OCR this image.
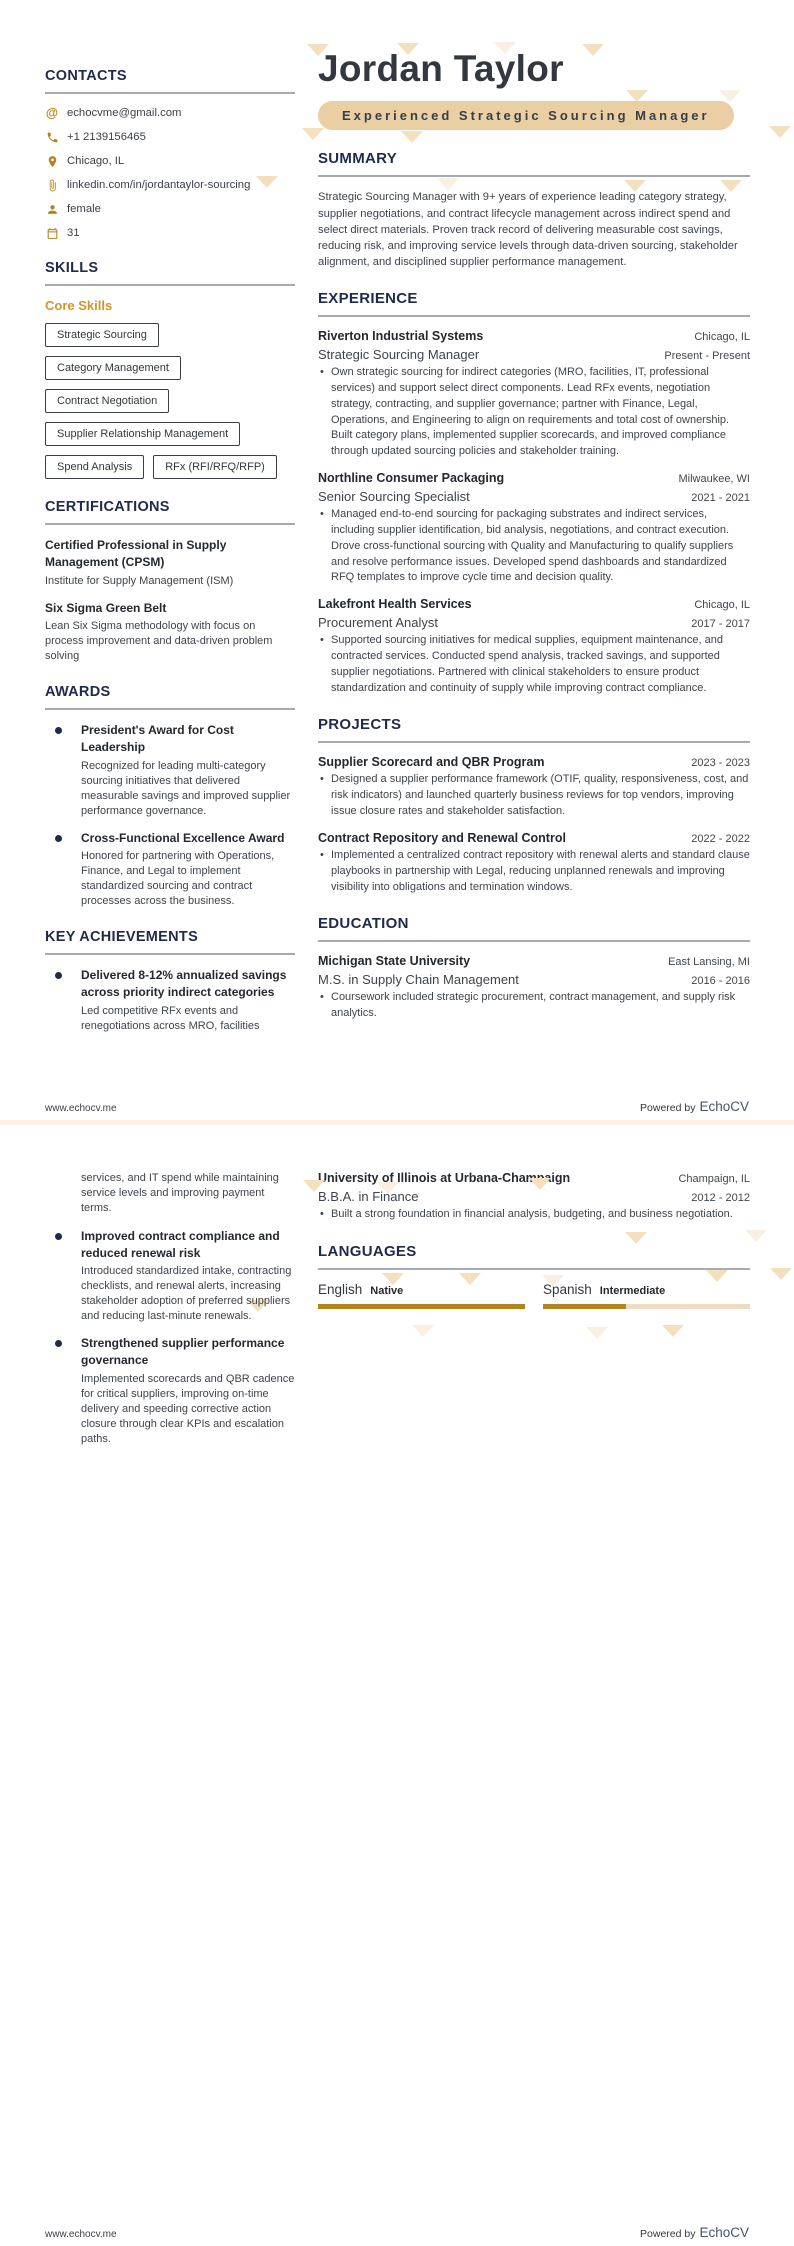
CONTACTS
@ echocvme@gmail.com
+1 2139156465
Chicago, IL
linkedin.com/in/jordantaylor-sourcing
female
31
SKILLS

Core Skills

Strategic Sourcing
Category Management
Contract Negotiation
Supplier Relationship Management
Spend Analysis	RFx (RFI/RFQ/RFP)
CERTIFICATIONS

Certified Professional in Supply Management (CPSM)

Institute for Supply Management (ISM)

Six Sigma Green Belt

Lean Six Sigma methodology with focus on process improvement and data-driven problem solving

AWARDS

President's Award for Cost Leadership

Recognized for leading multi-category sourcing initiatives that delivered measurable savings and improved supplier performance governance.

Cross-Functional Excellence Award

Honored for partnering with Operations, Finance, and Legal to implement standardized sourcing and contract processes across the business.

KEY ACHIEVEMENTS

Delivered 8-12% annualized savings across priority indirect categories

Led competitive RFx events and renegotiations across MRO, facilities

Jordan Taylor
Experienced Strategic Sourcing Manager
SUMMARY

Strategic Sourcing Manager with 9+ years of experience leading category strategy, supplier negotiations, and contract lifecycle management across indirect spend and select direct materials. Proven track record of delivering measurable cost savings, reducing risk, and improving service levels through data-driven sourcing, stakeholder alignment, and disciplined supplier performance management.

EXPERIENCE
Riverton Industrial Systems	Chicago, IL
Strategic Sourcing Manager	Present - Present

• Own strategic sourcing for indirect categories (MRO, facilities, IT, professional services) and support select direct components. Lead RFx events, negotiation strategy, contracting, and supplier governance; partner with Finance, Legal, Operations, and Engineering to align on requirements and total cost of ownership. Built category plans, implemented supplier scorecards, and improved compliance through updated sourcing policies and stakeholder training.

Northline Consumer Packaging	Milwaukee, WI
Senior Sourcing Specialist	2021 - 2021

• Managed end-to-end sourcing for packaging substrates and indirect services, including supplier identification, bid analysis, negotiations, and contract execution. Drove cross-functional sourcing with Quality and Manufacturing to qualify suppliers and resolve performance issues. Developed spend dashboards and standardized RFQ templates to improve cycle time and decision quality.

Lakefront Health Services	Chicago, IL
Procurement Analyst	2017 - 2017

• Supported sourcing initiatives for medical supplies, equipment maintenance, and contracted services. Conducted spend analysis, tracked savings, and supported supplier negotiations. Partnered with clinical stakeholders to ensure product standardization and continuity of supply while improving contract compliance.

PROJECTS
Supplier Scorecard and QBR Program	2023 - 2023

• Designed a supplier performance framework (OTIF, quality, responsiveness, cost, and risk indicators) and launched quarterly business reviews for top vendors, improving issue closure rates and stakeholder satisfaction.

Contract Repository and Renewal Control	2022 - 2022

• Implemented a centralized contract repository with renewal alerts and standard clause playbooks in partnership with Legal, reducing unplanned renewals and improving visibility into obligations and termination windows.

EDUCATION
Michigan State University	East Lansing, MI
M.S. in Supply Chain Management	2016 - 2016

• Coursework included strategic procurement, contract management, and supply risk analytics.

www.echocv.me	Powered by EchoCV

services, and IT spend while maintaining service levels and improving payment terms.

Improved contract compliance and reduced renewal risk

Introduced standardized intake, contracting checklists, and renewal alerts, increasing stakeholder adoption of preferred suppliers and reducing last-minute renewals.

Strengthened supplier performance governance

Implemented scorecards and QBR cadence for critical suppliers, improving on-time delivery and speeding corrective action closure through clear KPIs and escalation paths.

University of Illinois at Urbana-Champaign	Champaign, IL
B.B.A. in Finance	2012 - 2012

• Built a strong foundation in financial analysis, budgeting, and business negotiation.

LANGUAGES
English Native	Spanish Intermediate
www.echocv.me	Powered by EchoCV
